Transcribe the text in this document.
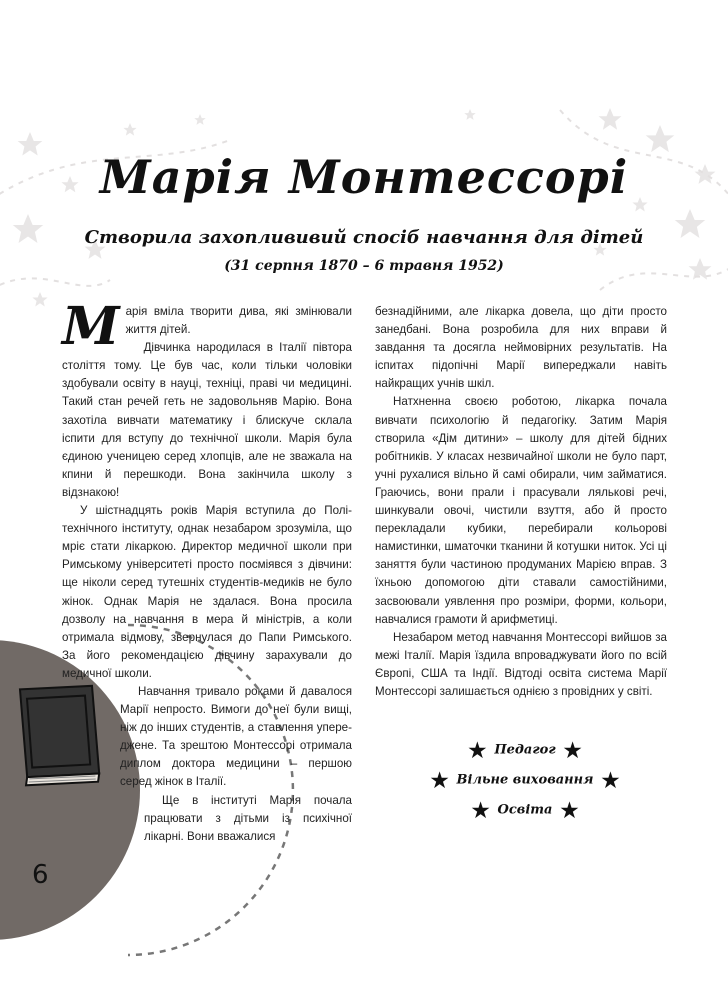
Марія Монтессорі
Створила захоплививий спосіб навчання для дітей
(31 серпня 1870 – 6 травня 1952)

Марія вміла творити дива, які змінювали життя дітей.

Дівчинка народилася в Італії півтора століття тому. Це був час, коли тільки чоловіки здобували освіту в науці, техніці, праві чи медицині. Такий стан речей геть не задовольняв Марію. Вона захотіла вивчати математику і блискуче склала іспити для вступу до технічної школи. Марія була єдиною ученицею серед хлопців, але не зважала на кпини й перешкоди. Вона закінчила школу з відзнакою!

У шістнадцять років Марія вступила до Політехнічного інституту, однак незабаром зрозуміла, що мріє стати лікаркою. Директор медичної школи при Римському університеті просто посміявся з дівчини: ще ніколи серед тутешніх студентів-медиків не було жінок. Однак Марія не здалася. Вона просила дозволу на навчання в мера й міністрів, а коли отримала відмову, звернулася до Папи Римського. За його рекомендацією дівчину зарахували до медичної школи.

Навчання тривало роками й давалося Марії непросто. Вимоги до неї були вищі, ніж до інших студентів, а ставлення упереджене. Та зрештою Монтессорі отримала диплом доктора медицини – першою серед жінок в Італії.

Ще в інституті Марія почала працювати з дітьми із психічної лікарні. Вони вважалися

безнадійними, але лікарка довела, що діти просто занедбані. Вона розробила для них вправи й завдання та досягла неймовірних результатів. На іспитах підопічні Марії випереджали навіть найкращих учнів шкіл.

Натхненна своєю роботою, лікарка почала вивчати психологію й педагогіку. Затим Марія створила «Дім дитини» – школу для дітей бідних робітників. У класах незвичайної школи не було парт, учні рухалися вільно й самі обирали, чим займатися. Граючись, вони прали і прасували лялькові речі, шинкували овочі, чистили взуття, або й просто перекладали кубики, перебирали кольорові намистинки, шматочки тканини й котушки ниток. Усі ці заняття були частиною продуманих Марією вправ. З їхньою допомогою діти ставали самостійними, засвоювали уявлення про розміри, форми, кольори, навчалися грамоти й арифметиці.

Незабаром метод навчання Монтессорі вийшов за межі Італії. Марія їздила впроваджувати його по всій Європі, США та Індії. Відтоді освіта система Марії Монтессорі залишається однією з провідних у світі.

★ Педагог ★
★ Вільне виховання ★
★ Освіта ★
6
